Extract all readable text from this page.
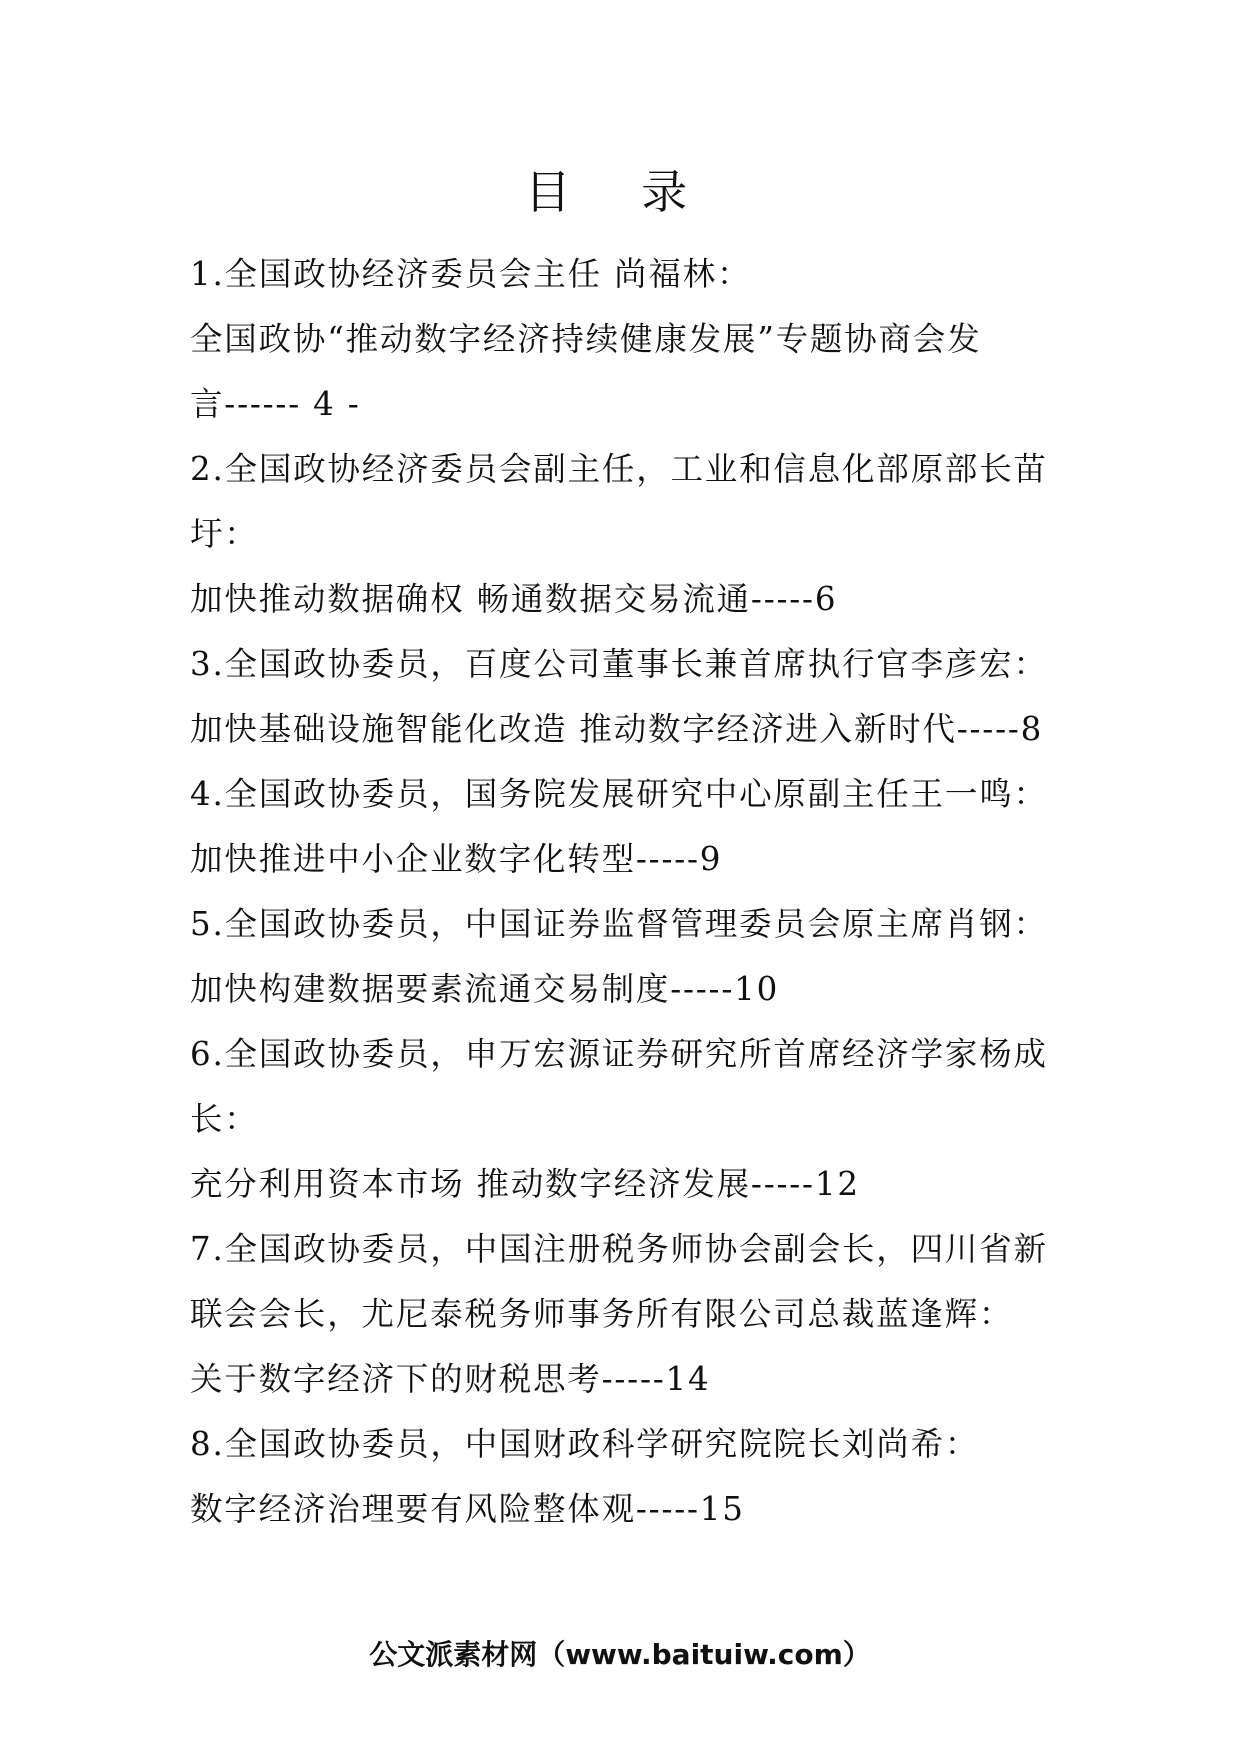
目 录
1.全国政协经济委员会主任 尚福林：
全国政协“推动数字经济持续健康发展”专题协商会发
言------ 4 -
2.全国政协经济委员会副主任，工业和信息化部原部长苗
圩：
加快推动数据确权 畅通数据交易流通-----6
3.全国政协委员，百度公司董事长兼首席执行官李彦宏：
加快基础设施智能化改造 推动数字经济进入新时代-----8
4.全国政协委员，国务院发展研究中心原副主任王一鸣：
加快推进中小企业数字化转型-----9
5.全国政协委员，中国证券监督管理委员会原主席肖钢：
加快构建数据要素流通交易制度-----10
6.全国政协委员，申万宏源证券研究所首席经济学家杨成
长：
充分利用资本市场 推动数字经济发展-----12
7.全国政协委员，中国注册税务师协会副会长，四川省新
联会会长，尤尼泰税务师事务所有限公司总裁蓝逢辉：
关于数字经济下的财税思考-----14
8.全国政协委员，中国财政科学研究院院长刘尚希：
数字经济治理要有风险整体观-----15
公文派素材网（www.baituiw.com）
